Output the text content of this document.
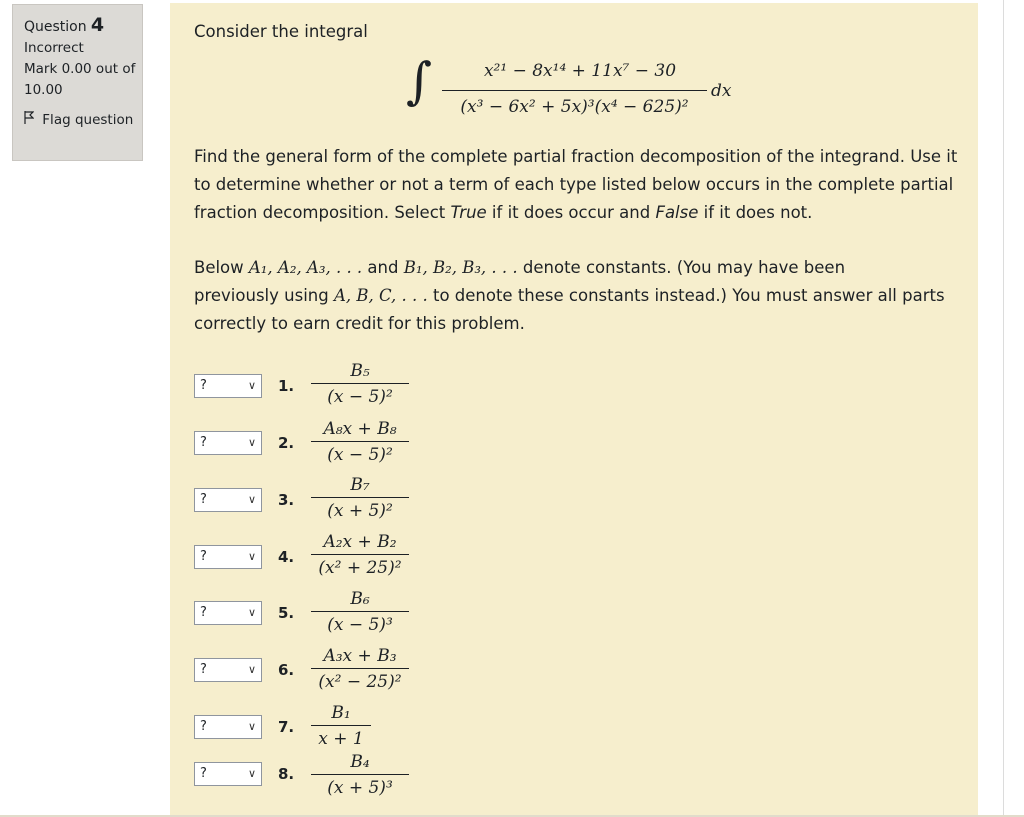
Question 4
Incorrect
Mark 0.00 out of
10.00
Flag question
Consider the integral
∫	x²¹ − 8x¹⁴ + 11x⁷ − 30
(x³ − 6x² + 5x)³(x⁴ − 625)²
dx
Find the general form of the complete partial fraction decomposition of the integrand. Use it
to determine whether or not a term of each type listed below occurs in the complete partial
fraction decomposition. Select True if it does occur and False if it does not.
Below A₁, A₂, A₃, . . . and B₁, B₂, B₃, . . . denote constants. (You may have been
previously using A, B, C, . . . to denote these constants instead.) You must answer all parts
correctly to earn credit for this problem.
?	∨ 1.
B₅
(x − 5)²
?	∨ 2.
A₈x + B₈
(x − 5)²
?	∨ 3.
B₇
(x + 5)²
?	∨ 4.
A₂x + B₂
(x² + 25)²
?	∨ 5.
B₆
(x − 5)³
?	∨ 6.
A₃x + B₃
(x² − 25)²
?	∨ 7.
B₁
x + 1
?	∨ 8.
B₄
(x + 5)³
